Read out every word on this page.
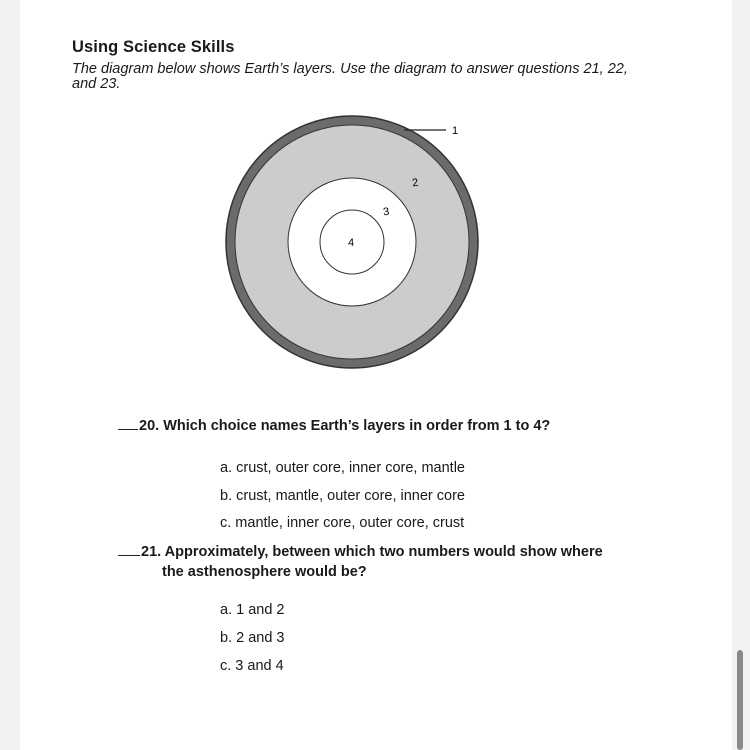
Using Science Skills
The diagram below shows Earth’s layers. Use the diagram to answer questions 21, 22, and 23.
1
2
3
4
20. Which choice names Earth’s layers in order from 1 to 4?
a. crust, outer core, inner core, mantle
b. crust, mantle, outer core, inner core
c. mantle, inner core, outer core, crust
21. Approximately, between which two numbers would show where
the asthenosphere would be?
a. 1 and 2
b. 2 and 3
c. 3 and 4
